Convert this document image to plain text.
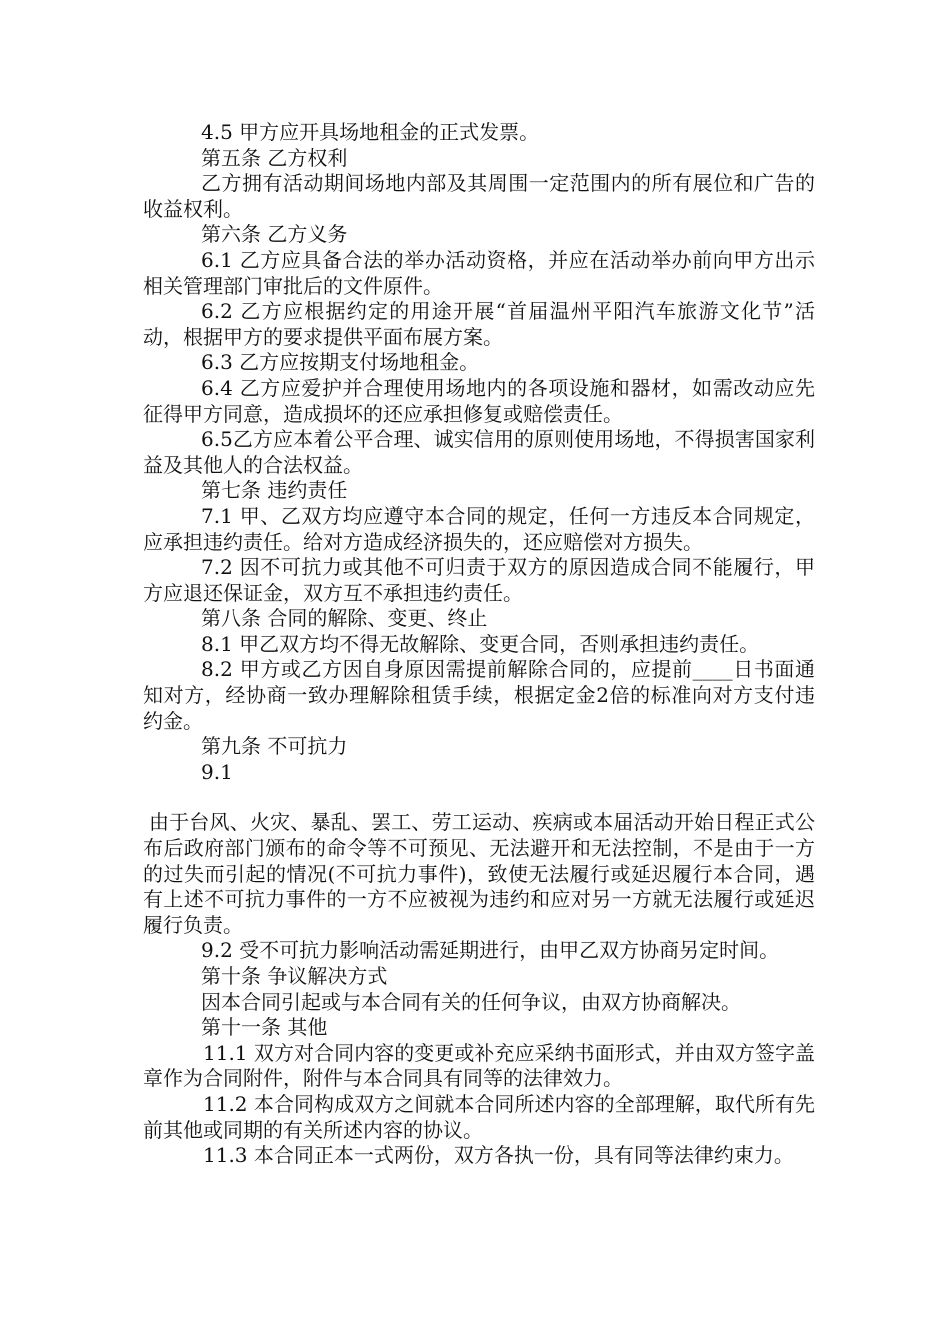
4.5 甲方应开具场地租金的正式发票。

第五条 乙方权利

乙方拥有活动期间场地内部及其周围一定范围内的所有展位和广告的收益权利。

第六条 乙方义务

6.1 乙方应具备合法的举办活动资格，并应在活动举办前向甲方出示相关管理部门审批后的文件原件。

6.2 乙方应根据约定的用途开展“首届温州平阳汽车旅游文化节”活动，根据甲方的要求提供平面布展方案。

6.3 乙方应按期支付场地租金。

6.4 乙方应爱护并合理使用场地内的各项设施和器材，如需改动应先征得甲方同意，造成损坏的还应承担修复或赔偿责任。

6.5乙方应本着公平合理、诚实信用的原则使用场地，不得损害国家利益及其他人的合法权益。

第七条 违约责任

7.1 甲、乙双方均应遵守本合同的规定，任何一方违反本合同规定，应承担违约责任。给对方造成经济损失的，还应赔偿对方损失。

7.2 因不可抗力或其他不可归责于双方的原因造成合同不能履行，甲方应退还保证金，双方互不承担违约责任。

第八条 合同的解除、变更、终止

8.1 甲乙双方均不得无故解除、变更合同，否则承担违约责任。

8.2 甲方或乙方因自身原因需提前解除合同的，应提前____日书面通知对方，经协商一致办理解除租赁手续，根据定金2倍的标准向对方支付违约金。

第九条 不可抗力

9.1

由于台风、火灾、暴乱、罢工、劳工运动、疾病或本届活动开始日程正式公布后政府部门颁布的命令等不可预见、无法避开和无法控制，不是由于一方的过失而引起的情况(不可抗力事件)，致使无法履行或延迟履行本合同，遇有上述不可抗力事件的一方不应被视为违约和应对另一方就无法履行或延迟履行负责。

9.2 受不可抗力影响活动需延期进行，由甲乙双方协商另定时间。

第十条 争议解决方式

因本合同引起或与本合同有关的任何争议，由双方协商解决。

第十一条 其他

11.1 双方对合同内容的变更或补充应采纳书面形式，并由双方签字盖章作为合同附件，附件与本合同具有同等的法律效力。

11.2 本合同构成双方之间就本合同所述内容的全部理解，取代所有先前其他或同期的有关所述内容的协议。

11.3 本合同正本一式两份，双方各执一份，具有同等法律约束力。
